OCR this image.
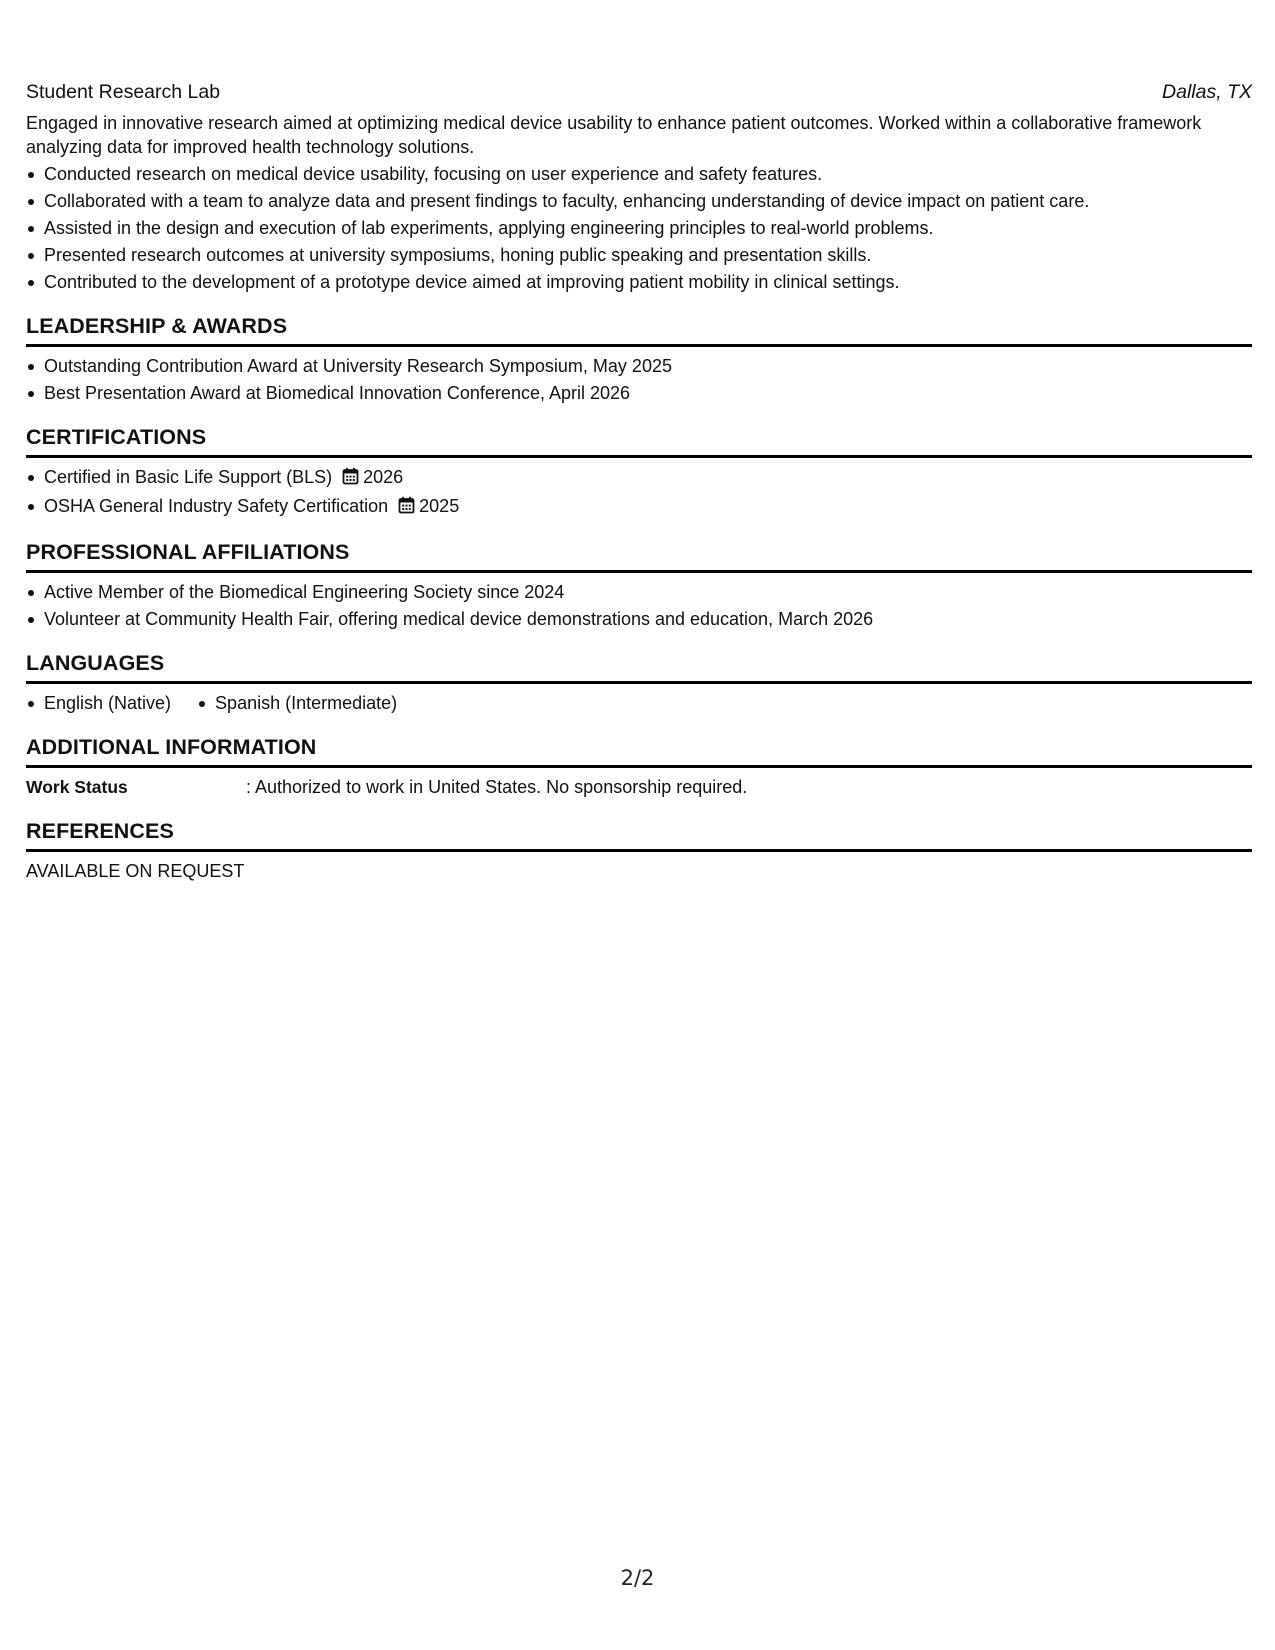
Student Research Lab	Dallas, TX

Engaged in innovative research aimed at optimizing medical device usability to enhance patient outcomes. Worked within a collaborative framework analyzing data for improved health technology solutions.

Conducted research on medical device usability, focusing on user experience and safety features.
Collaborated with a team to analyze data and present findings to faculty, enhancing understanding of device impact on patient care.
Assisted in the design and execution of lab experiments, applying engineering principles to real-world problems.
Presented research outcomes at university symposiums, honing public speaking and presentation skills.
Contributed to the development of a prototype device aimed at improving patient mobility in clinical settings.
LEADERSHIP & AWARDS
Outstanding Contribution Award at University Research Symposium, May 2025
Best Presentation Award at Biomedical Innovation Conference, April 2026
CERTIFICATIONS
Certified in Basic Life Support (BLS) 2026
OSHA General Industry Safety Certification 2025
PROFESSIONAL AFFILIATIONS
Active Member of the Biomedical Engineering Society since 2024
Volunteer at Community Health Fair, offering medical device demonstrations and education, March 2026
LANGUAGES
English (Native)	Spanish (Intermediate)
ADDITIONAL INFORMATION
Work Status	: Authorized to work in United States. No sponsorship required.
REFERENCES

AVAILABLE ON REQUEST

2/2
